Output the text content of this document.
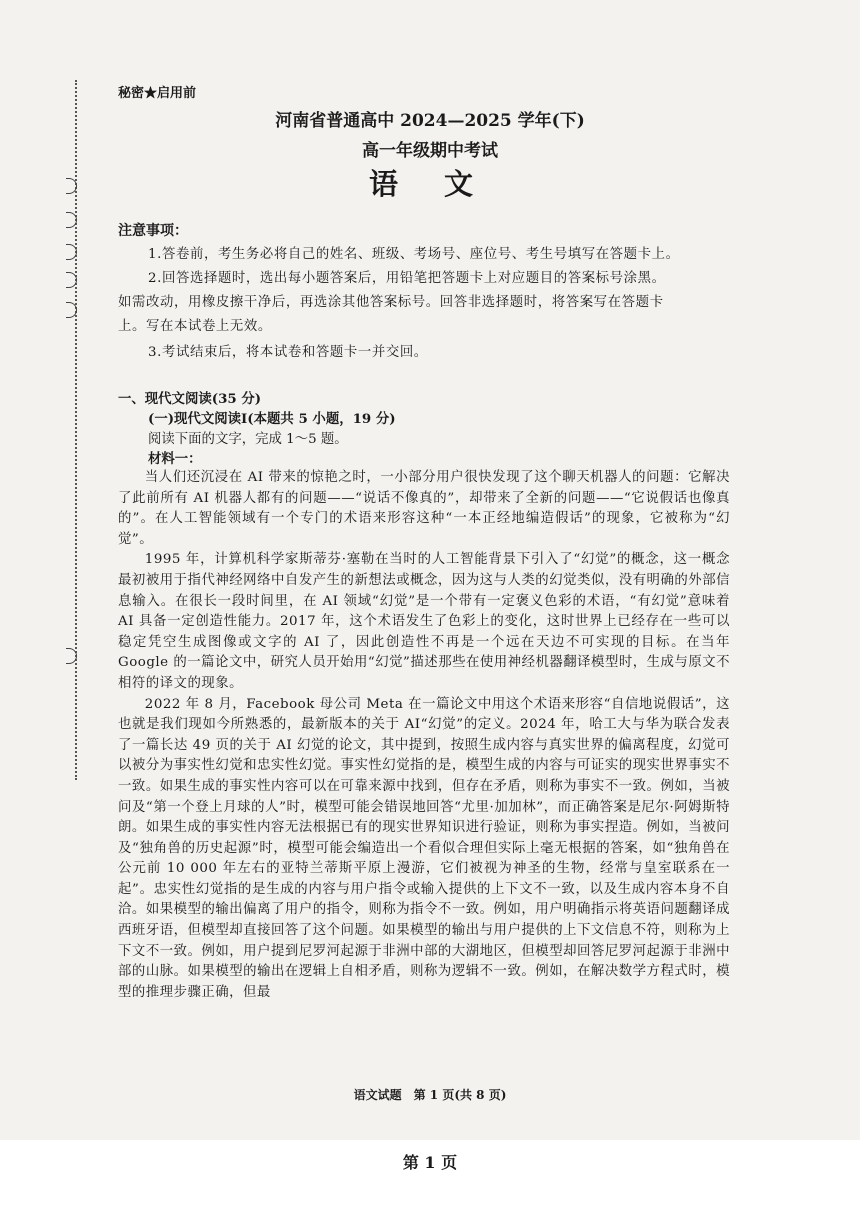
秘密★启用前
河南省普通高中 2024—2025 学年(下)
高一年级期中考试
语 文
注意事项：
1.答卷前，考生务必将自己的姓名、班级、考场号、座位号、考生号填写在答题卡上。
2.回答选择题时，选出每小题答案后，用铅笔把答题卡上对应题目的答案标号涂黑。
如需改动，用橡皮擦干净后，再选涂其他答案标号。回答非选择题时，将答案写在答题卡
上。写在本试卷上无效。
3.考试结束后，将本试卷和答题卡一并交回。
一、现代文阅读(35 分)
(一)现代文阅读Ⅰ(本题共 5 小题，19 分)
阅读下面的文字，完成 1～5 题。
材料一：

当人们还沉浸在 AI 带来的惊艳之时，一小部分用户很快发现了这个聊天机器人的问题：它解决了此前所有 AI 机器人都有的问题——“说话不像真的”，却带来了全新的问题——“它说假话也像真的”。在人工智能领域有一个专门的术语来形容这种“一本正经地编造假话”的现象，它被称为“幻觉”。

1995 年，计算机科学家斯蒂芬·塞勒在当时的人工智能背景下引入了“幻觉”的概念，这一概念最初被用于指代神经网络中自发产生的新想法或概念，因为这与人类的幻觉类似，没有明确的外部信息输入。在很长一段时间里，在 AI 领域“幻觉”是一个带有一定褒义色彩的术语，“有幻觉”意味着 AI 具备一定创造性能力。2017 年，这个术语发生了色彩上的变化，这时世界上已经存在一些可以稳定凭空生成图像或文字的 AI 了，因此创造性不再是一个远在天边不可实现的目标。在当年 Google 的一篇论文中，研究人员开始用“幻觉”描述那些在使用神经机器翻译模型时，生成与原文不相符的译文的现象。

2022 年 8 月，Facebook 母公司 Meta 在一篇论文中用这个术语来形容“自信地说假话”，这也就是我们现如今所熟悉的，最新版本的关于 AI“幻觉”的定义。2024 年，哈工大与华为联合发表了一篇长达 49 页的关于 AI 幻觉的论文，其中提到，按照生成内容与真实世界的偏离程度，幻觉可以被分为事实性幻觉和忠实性幻觉。事实性幻觉指的是，模型生成的内容与可证实的现实世界事实不一致。如果生成的事实性内容可以在可靠来源中找到，但存在矛盾，则称为事实不一致。例如，当被问及“第一个登上月球的人”时，模型可能会错误地回答“尤里·加加林”，而正确答案是尼尔·阿姆斯特朗。如果生成的事实性内容无法根据已有的现实世界知识进行验证，则称为事实捏造。例如，当被问及“独角兽的历史起源”时，模型可能会编造出一个看似合理但实际上毫无根据的答案，如“独角兽在公元前 10 000 年左右的亚特兰蒂斯平原上漫游，它们被视为神圣的生物，经常与皇室联系在一起”。忠实性幻觉指的是生成的内容与用户指令或输入提供的上下文不一致，以及生成内容本身不自洽。如果模型的输出偏离了用户的指令，则称为指令不一致。例如，用户明确指示将英语问题翻译成西班牙语，但模型却直接回答了这个问题。如果模型的输出与用户提供的上下文信息不符，则称为上下文不一致。例如，用户提到尼罗河起源于非洲中部的大湖地区，但模型却回答尼罗河起源于非洲中部的山脉。如果模型的输出在逻辑上自相矛盾，则称为逻辑不一致。例如，在解决数学方程式时，模型的推理步骤正确，但最

语文试题　第 1 页(共 8 页)
第 1 页
